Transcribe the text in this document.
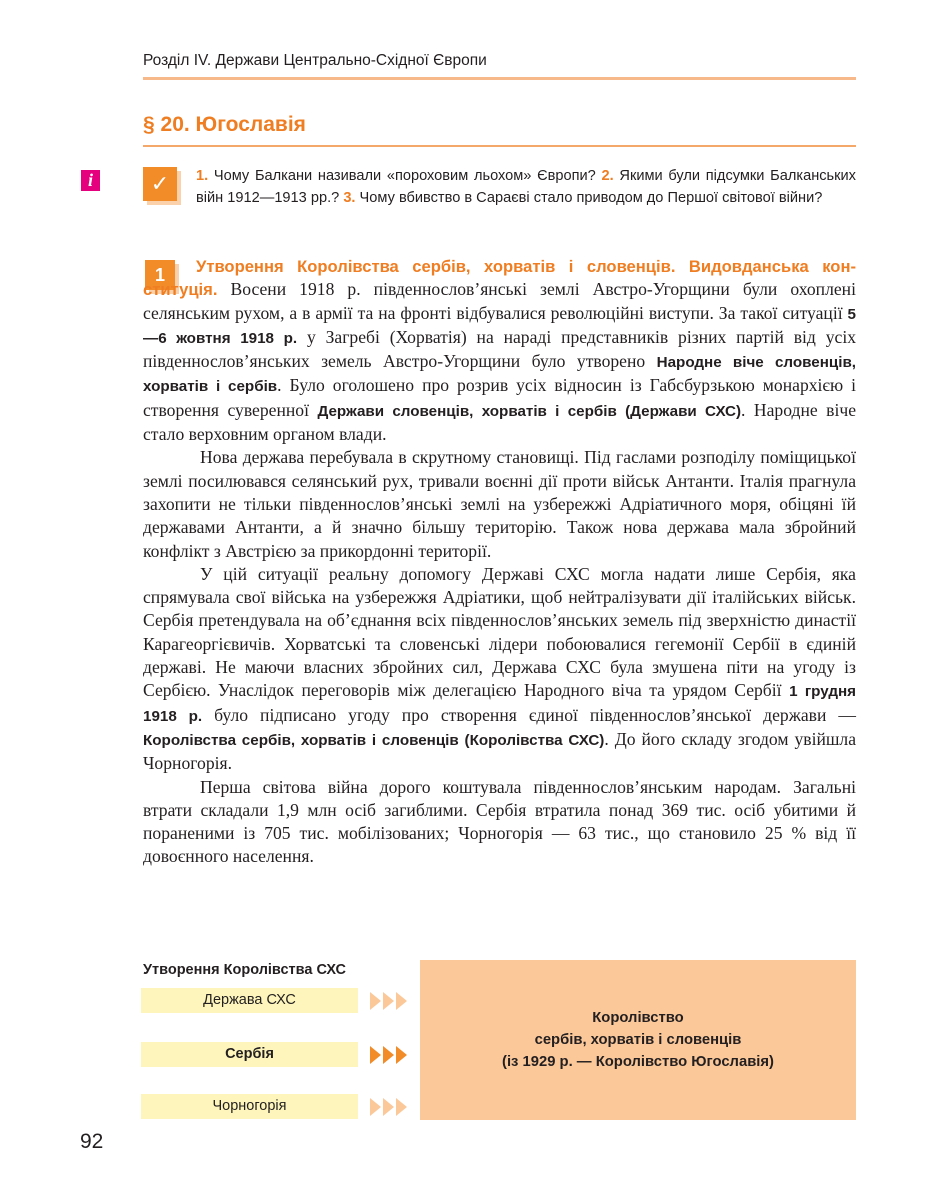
Розділ IV. Держави Центрально-Східної Європи
§ 20. Югославія
i	✓	1. Чому Балкани називали «пороховим льохом» Європи? 2. Якими були підсумки Балканських війн 1912—1913 рр.? 3. Чому вбивство в Сараєві стало приводом до Першої світової війни?
1	Утворення Королівства сербів, хорватів і словенців. Видовданська конституція. Восени 1918 р. південнослов’янські землі Австро-Угорщини були охоплені селянським рухом, а в армії та на фронті відбувалися революційні виступи. За такої ситуації 5—6 жовтня 1918 р. у Загребі (Хорватія) на нараді представників різних партій від усіх південнослов’янських земель Австро-Угорщини було утворено Народне віче словенців, хорватів і сербів. Було оголошено про розрив усіх відносин із Габсбурзькою монархією і створення суверенної Держави словенців, хорватів і сербів (Держави СХС). Народне віче стало верховним органом влади.

Нова держава перебувала в скрутному становищі. Під гаслами розподілу поміщицької землі посилювався селянський рух, тривали воєнні дії проти військ Антанти. Італія прагнула захопити не тільки південнослов’янські землі на узбережжі Адріатичного моря, обіцяні їй державами Антанти, а й значно більшу територію. Також нова держава мала збройний конфлікт з Австрією за прикордонні території.

У цій ситуації реальну допомогу Державі СХС могла надати лише Сербія, яка спрямувала свої війська на узбережжя Адріатики, щоб нейтралізувати дії італійських військ. Сербія претендувала на об’єднання всіх південнослов’янських земель під зверхністю династії Карагеоргієвичів. Хорватські та словенські лідери побоювалися гегемонії Сербії в єдиній державі. Не маючи власних збройних сил, Держава СХС була змушена піти на угоду із Сербією. Унаслідок переговорів між делегацією Народного віча та урядом Сербії 1 грудня 1918 р. було підписано угоду про створення єдиної південнослов’янської держави — Королівства сербів, хорватів і словенців (Королівства СХС). До його складу згодом увійшла Чорногорія.

Перша світова війна дорого коштувала південнослов’янським народам. Загальні втрати складали 1,9 млн осіб загиблими. Сербія втратила понад 369 тис. осіб убитими й пораненими із 705 тис. мобілізованих; Чорногорія — 63 тис., що становило 25 % від її довоєнного населення.

Утворення Королівства СХС
Держава СХС
Сербія
Чорногорія
Королівство
сербів, хорватів і словенців
(із 1929 р. — Королівство Югославія)
92
